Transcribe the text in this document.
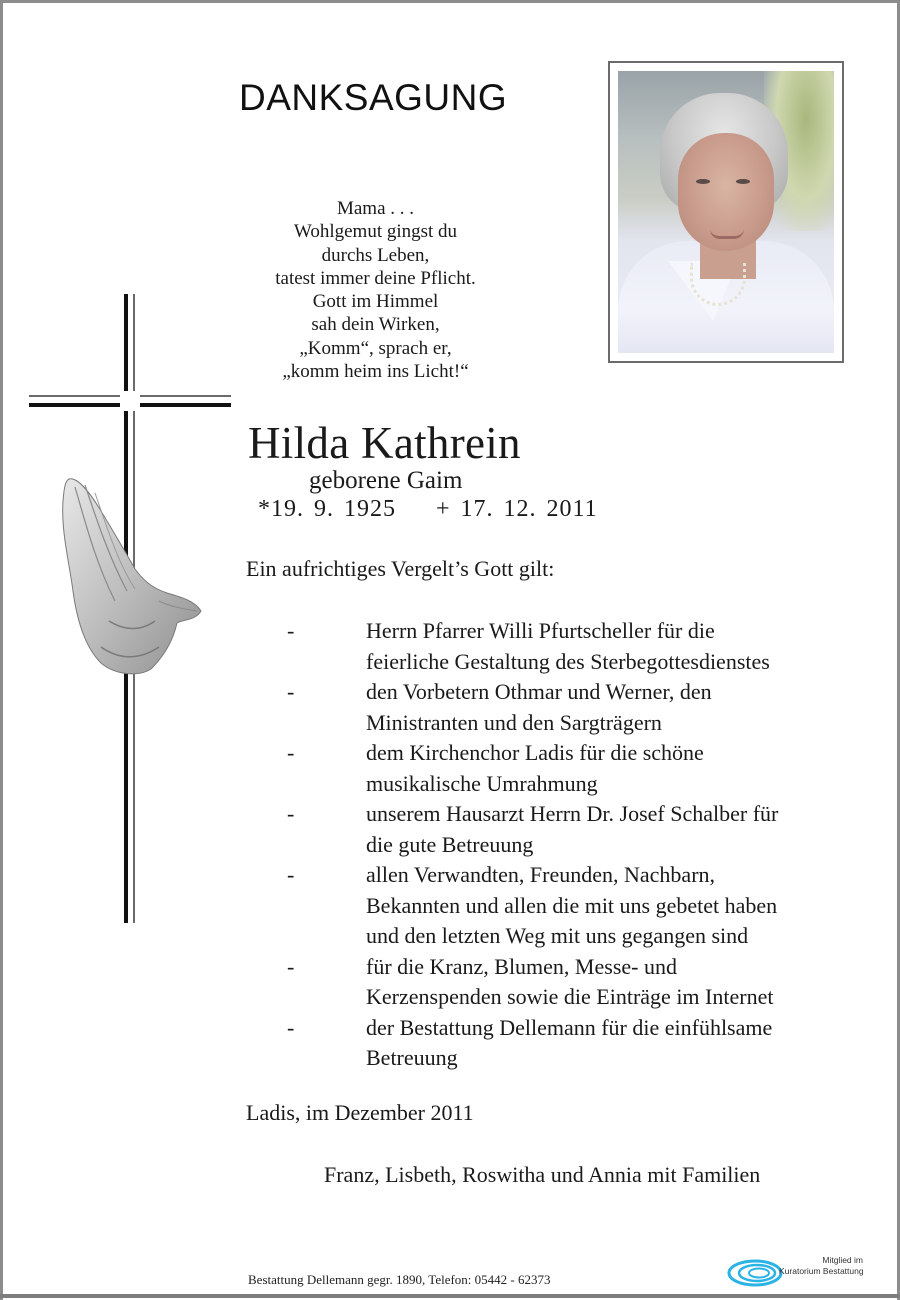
DANKSAGUNG
Mama . . .
Wohlgemut gingst du
durchs Leben,
tatest immer deine Pflicht.
Gott im Himmel
sah dein Wirken,
„Komm“, sprach er,
„komm heim ins Licht!“
Hilda Kathrein
geborene Gaim
*19. 9. 1925    + 17. 12. 2011
Ein aufrichtiges Vergelt’s Gott gilt:
-	Herrn Pfarrer Willi Pfurtscheller für die
feierliche Gestaltung des Sterbegottesdienstes
-	den Vorbetern Othmar und Werner, den
Ministranten und den Sargträgern
-	dem Kirchenchor Ladis für die schöne
musikalische Umrahmung
-	unserem Hausarzt Herrn Dr. Josef Schalber für
die gute Betreuung
-	allen Verwandten, Freunden, Nachbarn,
Bekannten und allen die mit uns gebetet haben
und den letzten Weg mit uns gegangen sind
-	für die Kranz, Blumen, Messe- und
Kerzenspenden sowie die Einträge im Internet
-	der Bestattung Dellemann für die einfühlsame
Betreuung
Ladis, im Dezember 2011
Franz, Lisbeth, Roswitha und Annia mit Familien
Bestattung Dellemann gegr. 1890, Telefon: 05442 - 62373
Mitglied im
Kuratorium Bestattung
